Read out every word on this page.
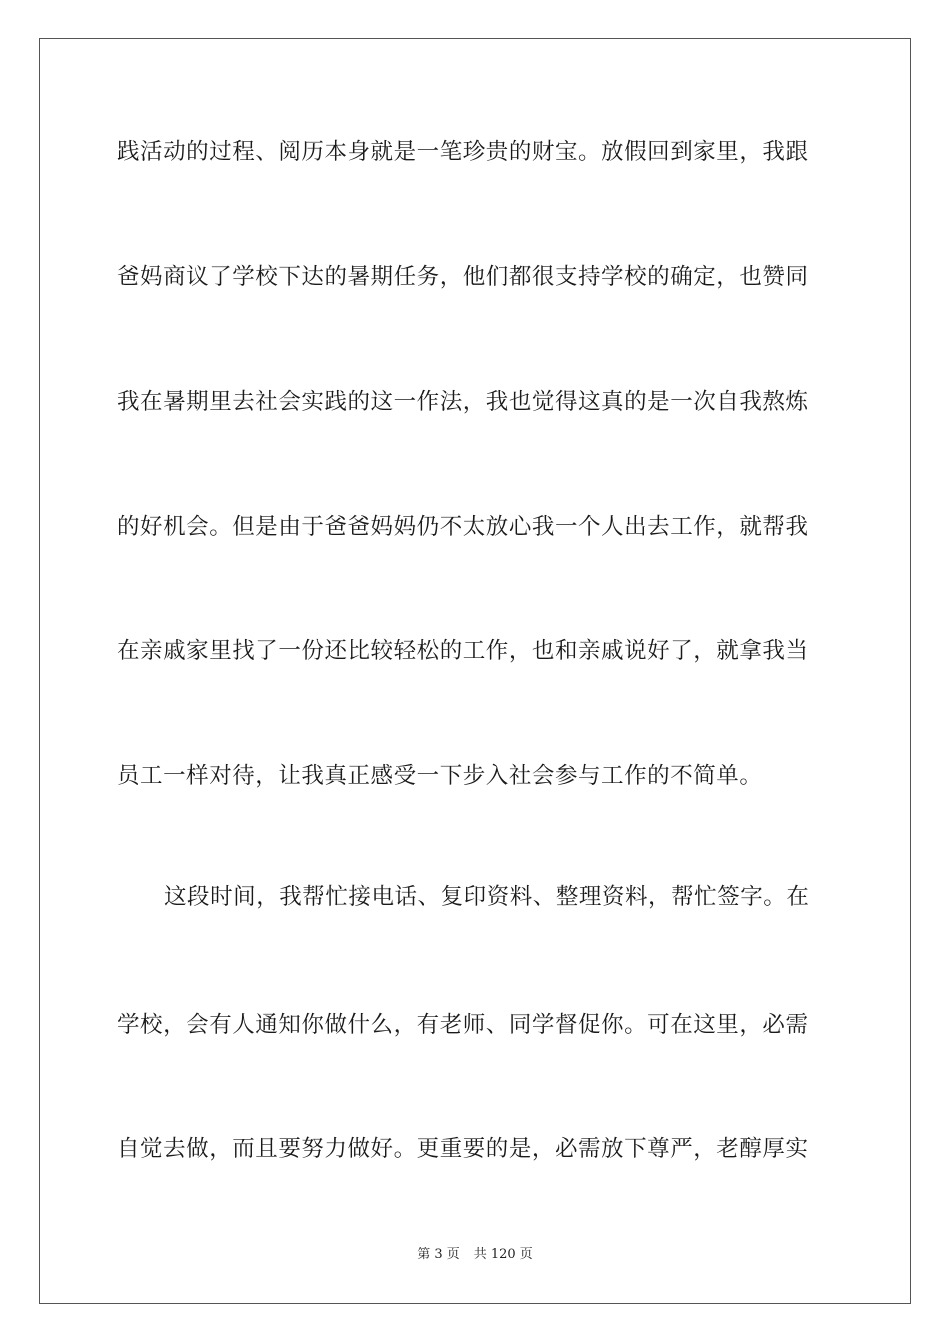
践活动的过程、阅历本身就是一笔珍贵的财宝。放假回到家里，我跟
爸妈商议了学校下达的暑期任务，他们都很支持学校的确定，也赞同
我在暑期里去社会实践的这一作法，我也觉得这真的是一次自我熬炼
的好机会。但是由于爸爸妈妈仍不太放心我一个人出去工作，就帮我
在亲戚家里找了一份还比较轻松的工作，也和亲戚说好了，就拿我当
员工一样对待，让我真正感受一下步入社会参与工作的不简单。
这段时间，我帮忙接电话、复印资料、整理资料，帮忙签字。在
学校，会有人通知你做什么，有老师、同学督促你。可在这里，必需
自觉去做，而且要努力做好。更重要的是，必需放下尊严，老醇厚实
第 3 页 共 120 页
